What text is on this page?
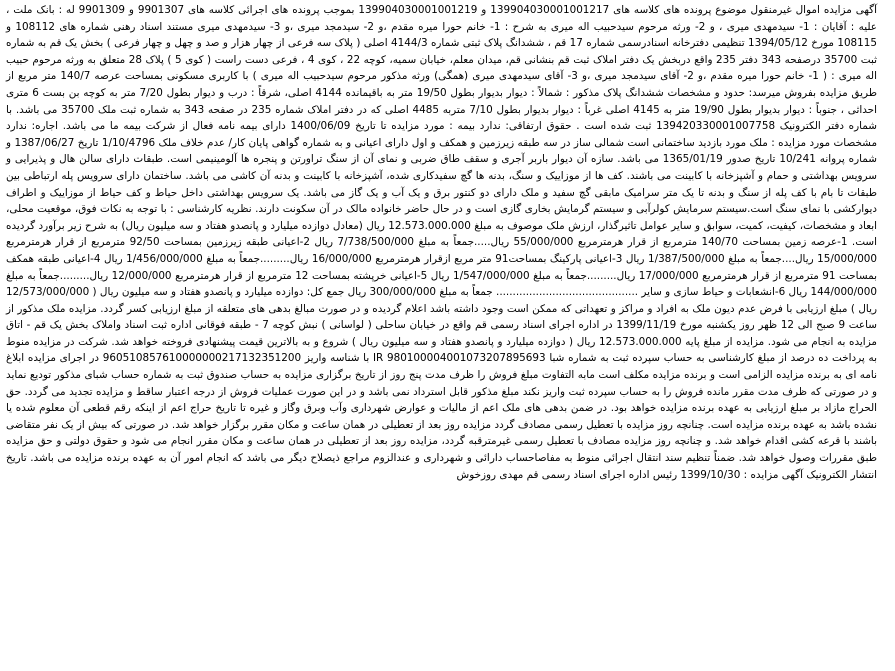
آگهی مزایده اموال غیرمنقول موضوع پرونده های کلاسه های 139904030001001217 و 139904030001001219 بموجب پرونده های اجرائی کلاسه های 9901307 و 9901309 له : بانک ملت ، علیه : آقایان : 1- سیدمهدی میری ، و 2- ورثه مرحوم سیدحبیب اله میری به شرح : 1- خانم حورا میره مقدم ،و 2- سیدمجد میری ،و 3- سیدمهدی میری مستند اسناد رهنی شماره های 108112 و 108115 مورخ 1394/05/12 تنظیمی دفترخانه اسنادرسمی شماره 17 قم ، ششدانگ پلاک ثبتی شماره 4144/3 اصلی ( پلاک سه فرعی از چهار هزار و صد و چهل و چهار فرعی ) بخش یک قم به شماره ثبت 35700 درصفحه 343 دفتر 235 واقع دربخش یک دفتر املاک ثبت قم بنشانی قم، میدان معلم، خیابان سمیه، کوچه 22 ، کوی 4 ، فرعی دست راست ( کوی 5 ) پلاک 28 متعلق به ورثه مرحوم حبیب اله میری : ( 1- خانم حورا میره مقدم ،و 2- آقای سیدمجد میری ،و 3- آقای سیدمهدی میری (همگی) ورثه مذکور مرحوم سیدحبیب اله میری ) با کاربری مسکونی بمساحت عرصه 140/7 متر مربع از طریق مزایده بفروش میرسد: حدود و مشخصات ششدانگ پلاک مذکور : شمالاً : دیوار بدیوار بطول 19/50 متر به باقیمانده 4144 اصلی، شرقاً : درب و دیوار بطول 7/20 متر به کوچه بن بست 6 متری احداثی ، جنوباً : دیوار بدیوار بطول 19/90 متر به 4145 اصلی غرباً : دیوار بدیوار بطول 7/10 متربه 4485 اصلی که در دفتر املاک شماره 235 در صفحه 343 به شماره ثبت ملک 35700 می باشد. با شماره دفتر الکترونیک 139420330001007758 ثبت شده است . حقوق ارتفاقی: ندارد بیمه : مورد مزایده تا تاریخ 1400/06/09 دارای بیمه نامه فعال از شرکت بیمه ما می باشد. اجاره: ندارد مشخصات مورد مزایده : ملک مورد بازدید ساختمانی است شمالی ساز در سه طبقه زیرزمین و همکف و اول دارای اعیانی و به شماره گواهی پایان کار/ عدم خلاف ملک 1/10/4796 تاریخ 1387/06/27 و شماره پروانه 10/241 تاریخ صدور 1365/01/19 می باشد. سازه آن دیوار باربر آجری و سقف طاق ضربی و نمای آن از سنگ تراورتن و پنجره ها آلومینیمی است. طبقات دارای سالن هال و پذیرایی و سرویس بهداشتی و حمام و آشپزخانه با کابینت می باشند. کف ها از موزاییک و سنگ، بدنه ها گچ سفیدکاری شده، آشپزخانه با کابینت و بدنه آن کاشی می باشد. ساختمان دارای سرویس پله ارتباطی بین طبقات تا بام با کف پله از سنگ و بدنه تا یک متر سرامیک مابقی گچ سفید و ملک دارای دو کنتور برق و یک آب و یک گاز می باشد. یک سرویس بهداشتی داخل حیاط و کف حیاط از موزاییک و اطراف دیوارکشی با نمای سنگ است.سیستم سرمایش کولرآبی و سیستم گرمایش بخاری گازی است و در حال حاضر خانواده مالک در آن سکونت دارند. نظریه کارشناسی : با توجه به نکات فوق، موقعیت محلی، ابعاد و مشخصات، کیفیت، کمیت، سوابق و سایر عوامل تاثیرگذار، ارزش ملک موصوف به مبلغ 12.573.000.000 ریال (معادل دوازده میلیارد و پانصدو هفتاد و سه میلیون ریال) به شرح زیر برآورد گردیده است. 1-عرصه زمین بمساحت 140/70 مترمربع از قرار هرمترمربع 55/000/000 ریال.....جمعاً به مبلغ 7/738/500/000 ریال 2-اعیانی طبقه زیرزمین بمساحت 92/50 مترمربع از قرار هرمترمربع 15/000/000 ریال....جمعاً به مبلغ 1/387/500/000 ریال 3-اعیانی پارکینگ بمساحت91 متر مربع ازقرار هرمترمربع 16/000/000 ریال.........جمعاً به مبلغ 1/456/000/000 ریال 4-اعیانی طبقه همکف بمساحت 91 مترمربع از قرار هرمترمربع 17/000/000 ریال.........جمعاً به مبلغ 1/547/000/000 ریال 5-اعیانی خرپشته بمساحت 12 مترمربع از قرار هرمترمربع 12/000/000 ریال.........جمعاً به مبلغ 144/000/000 ریال 6-انشعابات و حیاط سازی و سایر ........................................... جمعاً به مبلغ 300/000/000 ریال جمع کل: دوازده میلیارد و پانصدو هفتاد و سه میلیون ریال ( 12/573/000/000 ریال ) مبلغ ارزیابی با فرض عدم دیون ملک به افراد و مراکز و تعهداتی که ممکن است وجود داشته باشد اعلام گردیده و در صورت مبالغ بدهی های متعلقه از مبلغ ارزیابی کسر گردد. مزایده ملک مذکور از ساعت 9 صبح الی 12 ظهر روز یکشنبه مورخ 1399/11/19 در اداره اجرای اسناد رسمی قم واقع در خیابان ساحلی ( لواسانی ) نبش کوچه 7 - طبقه فوقانی اداره ثبت اسناد واملاک بخش یک قم - اتاق مزایده به انجام می شود. مزایده از مبلغ پایه 12.573.000.000 ریال ( دوازده میلیارد و پانصدو هفتاد و سه میلیون ریال ) شروع و به بالاترین قیمت پیشنهادی فروخته خواهد شد. شرکت در مزایده منوط به پرداخت ده درصد از مبلغ کارشناسی به حساب سپرده ثبت به شماره شبا IR 980100004001073207895693 با شناسه واریز 960510857610000000217132351200 در اجرای مزایده ابلاغ نامه ای به برنده مزایده الزامی است و برنده مزایده مکلف است مابه التفاوت مبلغ فروش را ظرف مدت پنج روز از تاریخ برگزاری مزایده به حساب صندوق ثبت به شماره حساب شبای مذکور تودیع نماید و در صورتی که ظرف مدت مقرر مانده فروش را به حساب سپرده ثبت واریز نکند مبلغ مذکور قابل استرداد نمی باشد و در این صورت عملیات فروش از درجه اعتبار ساقط و مزایده تجدید می گردد. حق الحراج مازاد بر مبلغ ارزیابی به عهده برنده مزایده خواهد بود. در ضمن بدهی های ملک اعم از مالیات و عوارض شهرداری وآب وبرق وگاز و غیره تا تاریخ حراج اعم از اینکه رقم قطعی آن معلوم شده یا نشده باشد به عهده برنده مزایده است. چنانچه روز مزایده با تعطیل رسمی مصادف گردد مزایده روز بعد از تعطیلی در همان ساعت و مکان مقرر برگزار خواهد شد. در صورتی که بیش از یک نفر متقاضی باشند با قرعه کشی اقدام خواهد شد. و چنانچه روز مزایده مصادف با تعطیل رسمی غیرمترقبه گردد، مزایده روز بعد از تعطیلی در همان ساعت و مکان مقرر انجام می شود و حقوق دولتی و حق مزایده طبق مقررات وصول خواهد شد. ضمناً تنظیم سند انتقال اجرائی منوط به مفاصاحساب دارائی و شهرداری و عندالزوم مراجع ذیصلاح دیگر می باشد که انجام امور آن به عهده برنده مزایده می باشد. تاریخ انتشار الکترونیک آگهی مزایده : 1399/10/30 رئیس اداره اجرای اسناد رسمی قم مهدی روزخوش
